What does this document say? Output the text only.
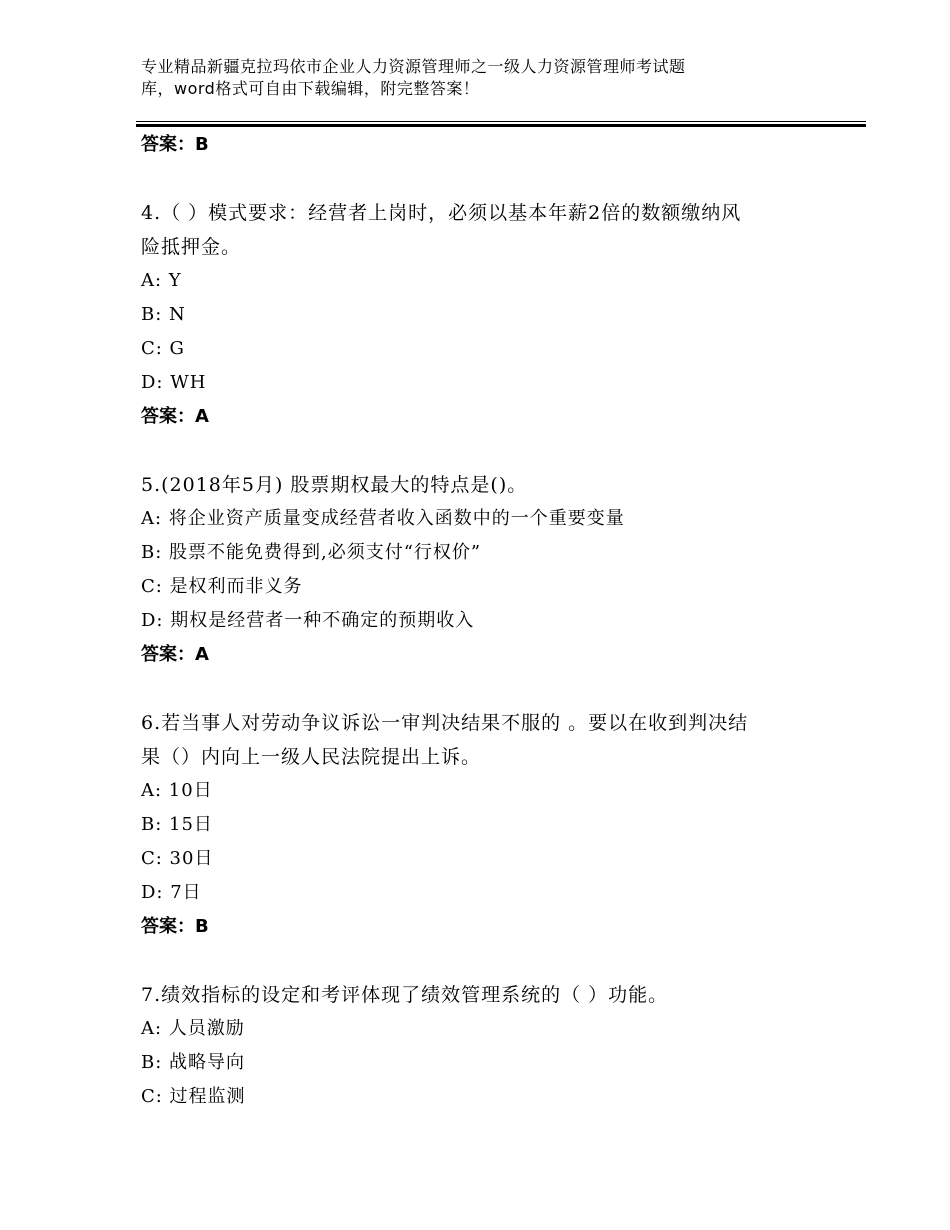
专业精品新疆克拉玛依市企业人力资源管理师之一级人力资源管理师考试题
库，word格式可自由下载编辑，附完整答案！
答案：B
4.（ ）模式要求：经营者上岗时，必须以基本年薪2倍的数额缴纳风
险抵押金。
A: Y
B: N
C: G
D: WH
答案：A
5.(2018年5月) 股票期权最大的特点是()。
A: 将企业资产质量变成经营者收入函数中的一个重要变量
B: 股票不能免费得到,必须支付“行权价”
C: 是权利而非义务
D: 期权是经营者一种不确定的预期收入
答案：A
6.若当事人对劳动争议诉讼一审判决结果不服的 。要以在收到判决结
果（）内向上一级人民法院提出上诉。
A: 10日
B: 15日
C: 30日
D: 7日
答案：B
7.绩效指标的设定和考评体现了绩效管理系统的（ ）功能。
A: 人员激励
B: 战略导向
C: 过程监测
